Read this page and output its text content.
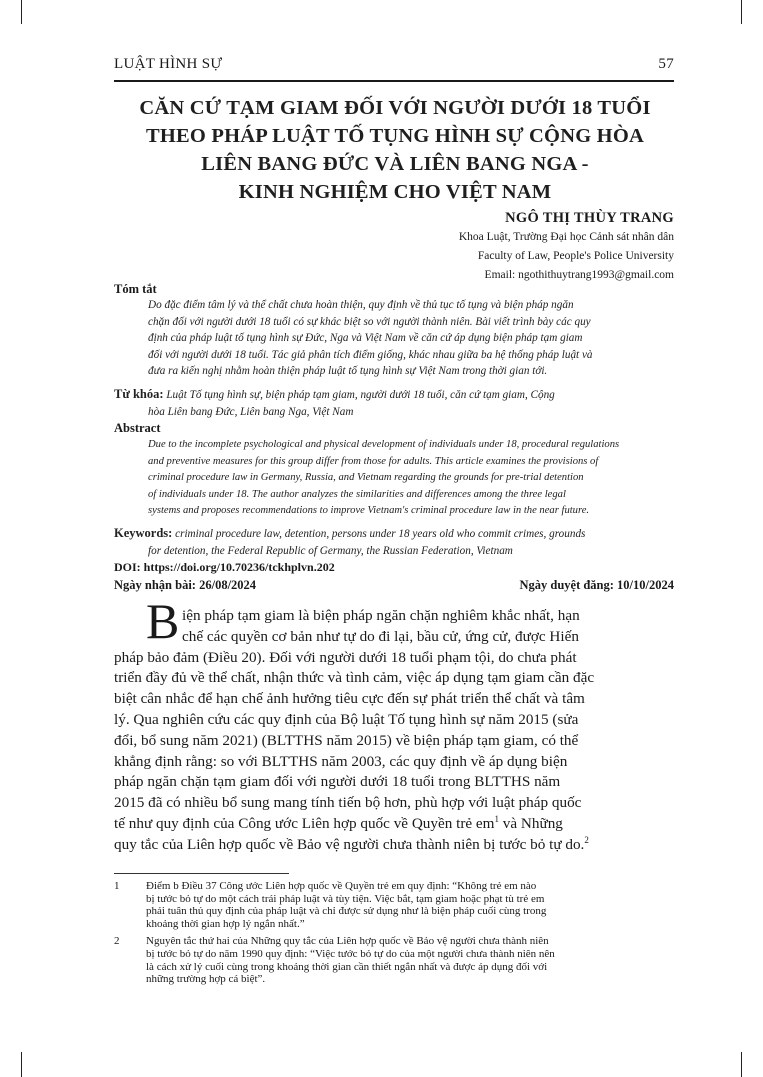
LUẬT HÌNH SỰ	57
CĂN CỨ TẠM GIAM ĐỐI VỚI NGƯỜI DƯỚI 18 TUỔI
THEO PHÁP LUẬT TỐ TỤNG HÌNH SỰ CỘNG HÒA
LIÊN BANG ĐỨC VÀ LIÊN BANG NGA -
KINH NGHIỆM CHO VIỆT NAM
NGÔ THỊ THÙY TRANG
Khoa Luật, Trường Đại học Cảnh sát nhân dân
Faculty of Law, People's Police University
Email: ngothithuytrang1993@gmail.com
Tóm tắt
Do đặc điểm tâm lý và thể chất chưa hoàn thiện, quy định về thủ tục tố tụng và biện pháp ngăn
chặn đối với người dưới 18 tuổi có sự khác biệt so với người thành niên. Bài viết trình bày các quy
định của pháp luật tố tụng hình sự Đức, Nga và Việt Nam về căn cứ áp dụng biện pháp tạm giam
đối với người dưới 18 tuổi. Tác giả phân tích điểm giống, khác nhau giữa ba hệ thống pháp luật và
đưa ra kiến nghị nhằm hoàn thiện pháp luật tố tụng hình sự Việt Nam trong thời gian tới.
Từ khóa: Luật Tố tụng hình sự, biện pháp tạm giam, người dưới 18 tuổi, căn cứ tạm giam, Cộng
hòa Liên bang Đức, Liên bang Nga, Việt Nam
Abstract
Due to the incomplete psychological and physical development of individuals under 18, procedural regulations
and preventive measures for this group differ from those for adults. This article examines the provisions of
criminal procedure law in Germany, Russia, and Vietnam regarding the grounds for pre-trial detention
of individuals under 18. The author analyzes the similarities and differences among the three legal
systems and proposes recommendations to improve Vietnam's criminal procedure law in the near future.
Keywords: criminal procedure law, detention, persons under 18 years old who commit crimes, grounds
for detention, the Federal Republic of Germany, the Russian Federation, Vietnam
DOI: https://doi.org/10.70236/tckhplvn.202
Ngày nhận bài: 26/08/2024	Ngày duyệt đăng: 10/10/2024
B iện pháp tạm giam là biện pháp ngăn chặn nghiêm khắc nhất, hạn
chế các quyền cơ bản như tự do đi lại, bầu cử, ứng cử, được Hiến
pháp bảo đảm (Điều 20). Đối với người dưới 18 tuổi phạm tội, do chưa phát
triển đầy đủ về thể chất, nhận thức và tình cảm, việc áp dụng tạm giam cần đặc
biệt cân nhắc để hạn chế ảnh hưởng tiêu cực đến sự phát triển thể chất và tâm
lý. Qua nghiên cứu các quy định của Bộ luật Tố tụng hình sự năm 2015 (sửa
đổi, bổ sung năm 2021) (BLTTHS năm 2015) về biện pháp tạm giam, có thể
khẳng định rằng: so với BLTTHS năm 2003, các quy định về áp dụng biện
pháp ngăn chặn tạm giam đối với người dưới 18 tuổi trong BLTTHS năm
2015 đã có nhiều bổ sung mang tính tiến bộ hơn, phù hợp với luật pháp quốc
tế như quy định của Công ước Liên hợp quốc về Quyền trẻ $em^1$ và Những
quy tắc của Liên hợp quốc về Bảo vệ người chưa thành niên bị tước bỏ tự do.$^2$
1 Điểm b Điều 37 Công ước Liên hợp quốc về Quyền trẻ em quy định: “Không trẻ em nào
bị tước bỏ tự do một cách trái pháp luật và tùy tiện. Việc bắt, tạm giam hoặc phạt tù trẻ em
phải tuân thủ quy định của pháp luật và chỉ được sử dụng như là biện pháp cuối cùng trong
khoảng thời gian hợp lý ngắn nhất.”
2 Nguyên tắc thứ hai của Những quy tắc của Liên hợp quốc về Bảo vệ người chưa thành niên
bị tước bỏ tự do năm 1990 quy định: “Việc tước bỏ tự do của một người chưa thành niên nên
là cách xử lý cuối cùng trong khoảng thời gian cần thiết ngắn nhất và được áp dụng đối với
những trường hợp cá biệt”.
